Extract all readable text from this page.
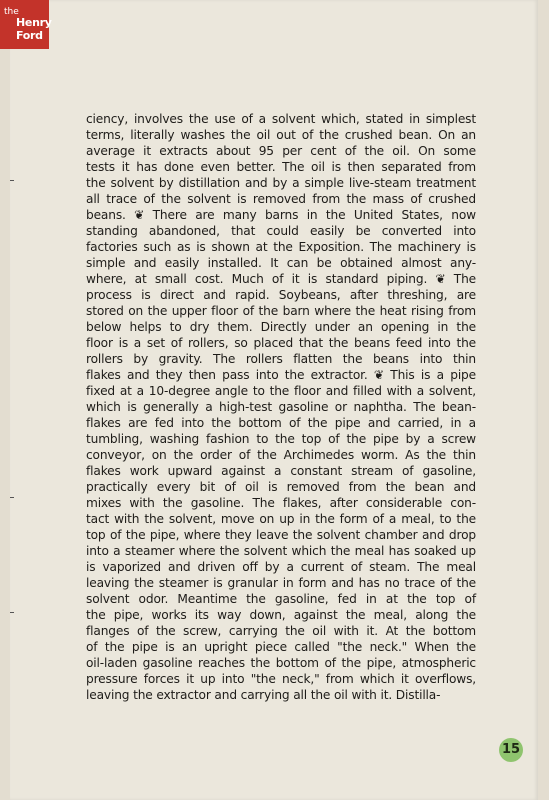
ciency, involves the use of a solvent which, stated in simplest
terms, literally washes the oil out of the crushed bean. On an
average it extracts about 95 per cent of the oil. On some
tests it has done even better. The oil is then separated from
the solvent by distillation and by a simple live-steam treatment
all trace of the solvent is removed from the mass of crushed
beans. ❦ There are many barns in the United States, now
standing abandoned, that could easily be converted into
factories such as is shown at the Exposition. The machinery is
simple and easily installed. It can be obtained almost any-
where, at small cost. Much of it is standard piping. ❦ The
process is direct and rapid. Soybeans, after threshing, are
stored on the upper floor of the barn where the heat rising from
below helps to dry them. Directly under an opening in the
floor is a set of rollers, so placed that the beans feed into the
rollers by gravity. The rollers flatten the beans into thin
flakes and they then pass into the extractor. ❦ This is a pipe
fixed at a 10-degree angle to the floor and filled with a solvent,
which is generally a high-test gasoline or naphtha. The bean-
flakes are fed into the bottom of the pipe and carried, in a
tumbling, washing fashion to the top of the pipe by a screw
conveyor, on the order of the Archimedes worm. As the thin
flakes work upward against a constant stream of gasoline,
practically every bit of oil is removed from the bean and
mixes with the gasoline. The flakes, after considerable con-
tact with the solvent, move on up in the form of a meal, to the
top of the pipe, where they leave the solvent chamber and drop
into a steamer where the solvent which the meal has soaked up
is vaporized and driven off by a current of steam. The meal
leaving the steamer is granular in form and has no trace of the
solvent odor. Meantime the gasoline, fed in at the top of
the pipe, works its way down, against the meal, along the
flanges of the screw, carrying the oil with it. At the bottom
of the pipe is an upright piece called "the neck." When the
oil-laden gasoline reaches the bottom of the pipe, atmospheric
pressure forces it up into "the neck," from which it overflows,
leaving the extractor and carrying all the oil with it. Distilla-
15
the
Henry
Ford
